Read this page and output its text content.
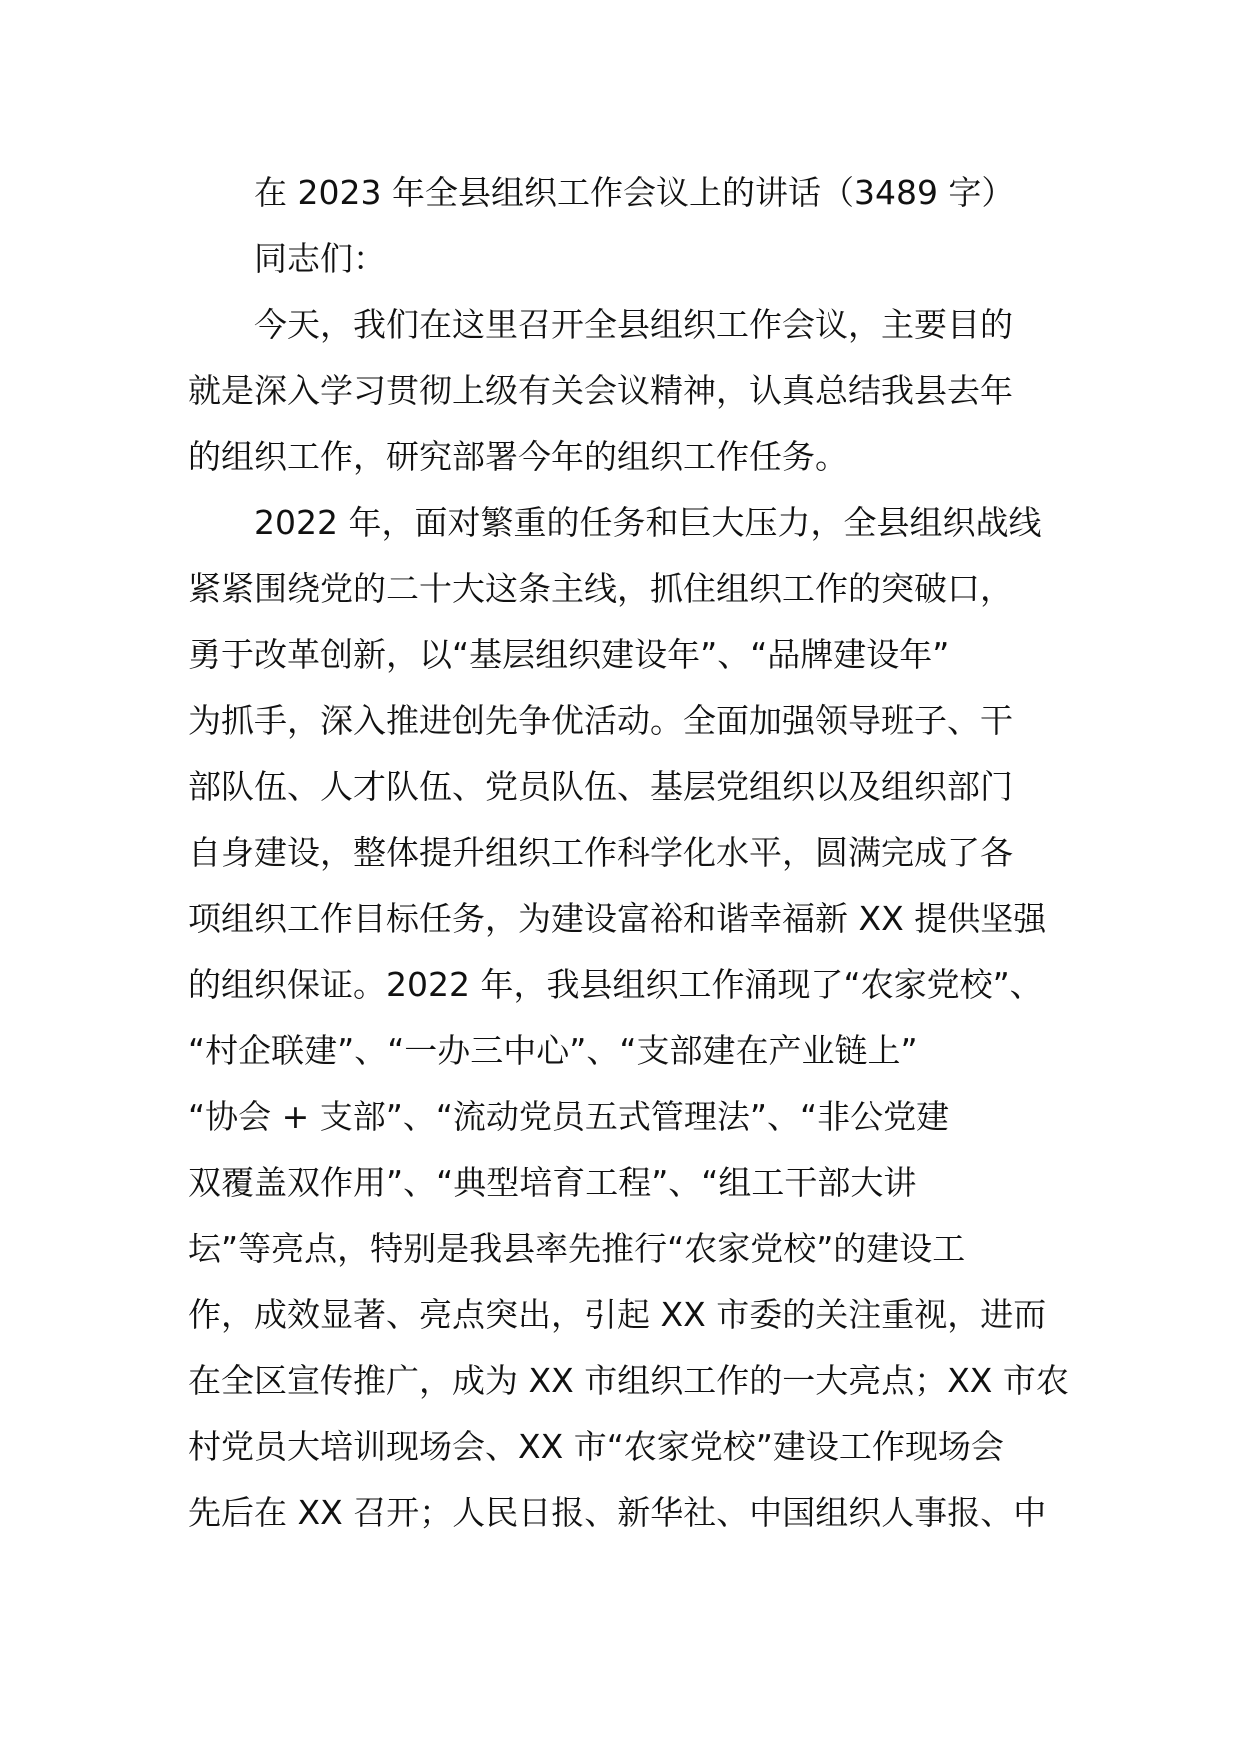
在 2023 年全县组织工作会议上的讲话（3489 字）

同志们：

今天，我们在这里召开全县组织工作会议，主要目的

就是深入学习贯彻上级有关会议精神，认真总结我县去年

的组织工作，研究部署今年的组织工作任务。

2022 年，面对繁重的任务和巨大压力，全县组织战线

紧紧围绕党的二十大这条主线，抓住组织工作的突破口，

勇于改革创新，以“基层组织建设年”、“品牌建设年”

为抓手，深入推进创先争优活动。全面加强领导班子、干

部队伍、人才队伍、党员队伍、基层党组织以及组织部门

自身建设，整体提升组织工作科学化水平，圆满完成了各

项组织工作目标任务，为建设富裕和谐幸福新 XX 提供坚强

的组织保证。2022 年，我县组织工作涌现了“农家党校”、

“村企联建”、“一办三中心”、“支部建在产业链上”

“协会 + 支部”、“流动党员五式管理法”、“非公党建

双覆盖双作用”、“典型培育工程”、“组工干部大讲

坛”等亮点，特别是我县率先推行“农家党校”的建设工

作，成效显著、亮点突出，引起 XX 市委的关注重视，进而

在全区宣传推广，成为 XX 市组织工作的一大亮点；XX 市农

村党员大培训现场会、XX 市“农家党校”建设工作现场会

先后在 XX 召开；人民日报、新华社、中国组织人事报、中
